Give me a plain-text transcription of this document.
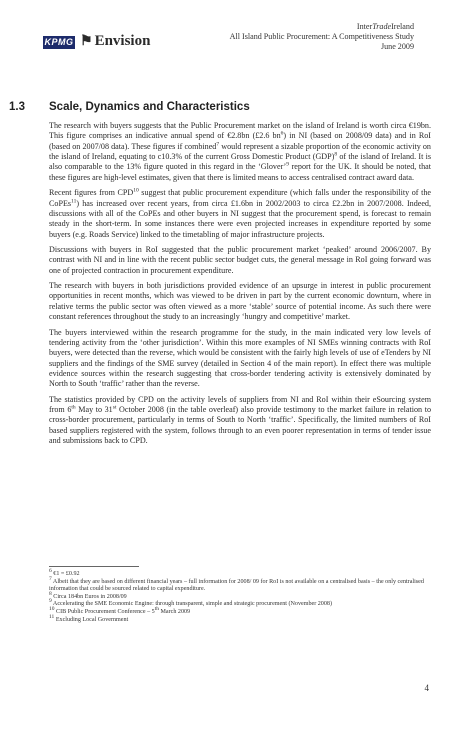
KPMG ⚑ Envision
InterTradeIreland
All Island Public Procurement: A Competitiveness Study
June 2009
1.3 Scale, Dynamics and Characteristics

The research with buyers suggests that the Public Procurement market on the island of Ireland is worth circa €19bn. This figure comprises an indicative annual spend of €2.8bn (£2.6 $bn^6$) in NI (based on 2008/09 data) and in RoI (based on 2007/08 data). These figures if combined$^7$ would represent a sizable proportion of the economic activity on the island of Ireland, equating to c10.3% of the current Gross Domestic Product (GDP)$^8$ of the island of Ireland. It is also comparable to the 13% figure quoted in this regard in the ‘Glover’$^9$ report for the UK. It should be noted, that these figures are high-level estimates, given that there is limited means to access centralised contract award data.

Recent figures from CPD$^{10}$ suggest that public procurement expenditure (which falls under the responsibility of the CoPEs$^{11}$) has increased over recent years, from circa £1.6bn in 2002/2003 to circa £2.2bn in 2007/2008. Indeed, discussions with all of the CoPEs and other buyers in NI suggest that the procurement spend, is forecast to remain steady in the short-term. In some instances there were even projected increases in expenditure reported by some buyers (e.g. Roads Service) linked to the timetabling of major infrastructure projects.

Discussions with buyers in RoI suggested that the public procurement market ‘peaked’ around 2006/2007. By contrast with NI and in line with the recent public sector budget cuts, the general message in RoI going forward was one of projected contraction in procurement expenditure.

The research with buyers in both jurisdictions provided evidence of an upsurge in interest in public procurement opportunities in recent months, which was viewed to be driven in part by the current economic downturn, where in relative terms the public sector was often viewed as a more ‘stable’ source of potential income. As such there were constant references throughout the study to an increasingly ‘hungry and competitive’ market.

The buyers interviewed within the research programme for the study, in the main indicated very low levels of tendering activity from the ‘other jurisdiction’. Within this more examples of NI SMEs winning contracts with RoI buyers, were detected than the reverse, which would be consistent with the fairly high levels of use of eTenders by NI suppliers and the findings of the SME survey (detailed in Section 4 of the main report). In effect there was multiple evidence sources within the research suggesting that cross-border tendering activity is extensively dominated by North to South ‘traffic’ rather than the reverse.

The statistics provided by CPD on the activity levels of suppliers from NI and RoI within their eSourcing system from 6th May to 31st October 2008 (in the table overleaf) also provide testimony to the market failure in relation to cross-border procurement, particularly in terms of South to North ‘traffic’. Specifically, the limited numbers of RoI based suppliers registered with the system, follows through to an even poorer representation in terms of tender issue and submissions back to CPD.

$^6$ €1 = £0.92

$^7$ Albeit that they are based on different financial years – full information for 2008/ 09 for RoI is not available on a centralised basis – the only centralised information that could be sourced related to capital expenditure.

$^8$ Circa 184bn Euros in 2008/09

$^9$ Accelerating the SME Economic Engine: through transparent, simple and strategic procurement (November 2008)

$^{10}$ CIB Public Procurement Conference – 5th March 2009

$^{11}$ Excluding Local Government

4
